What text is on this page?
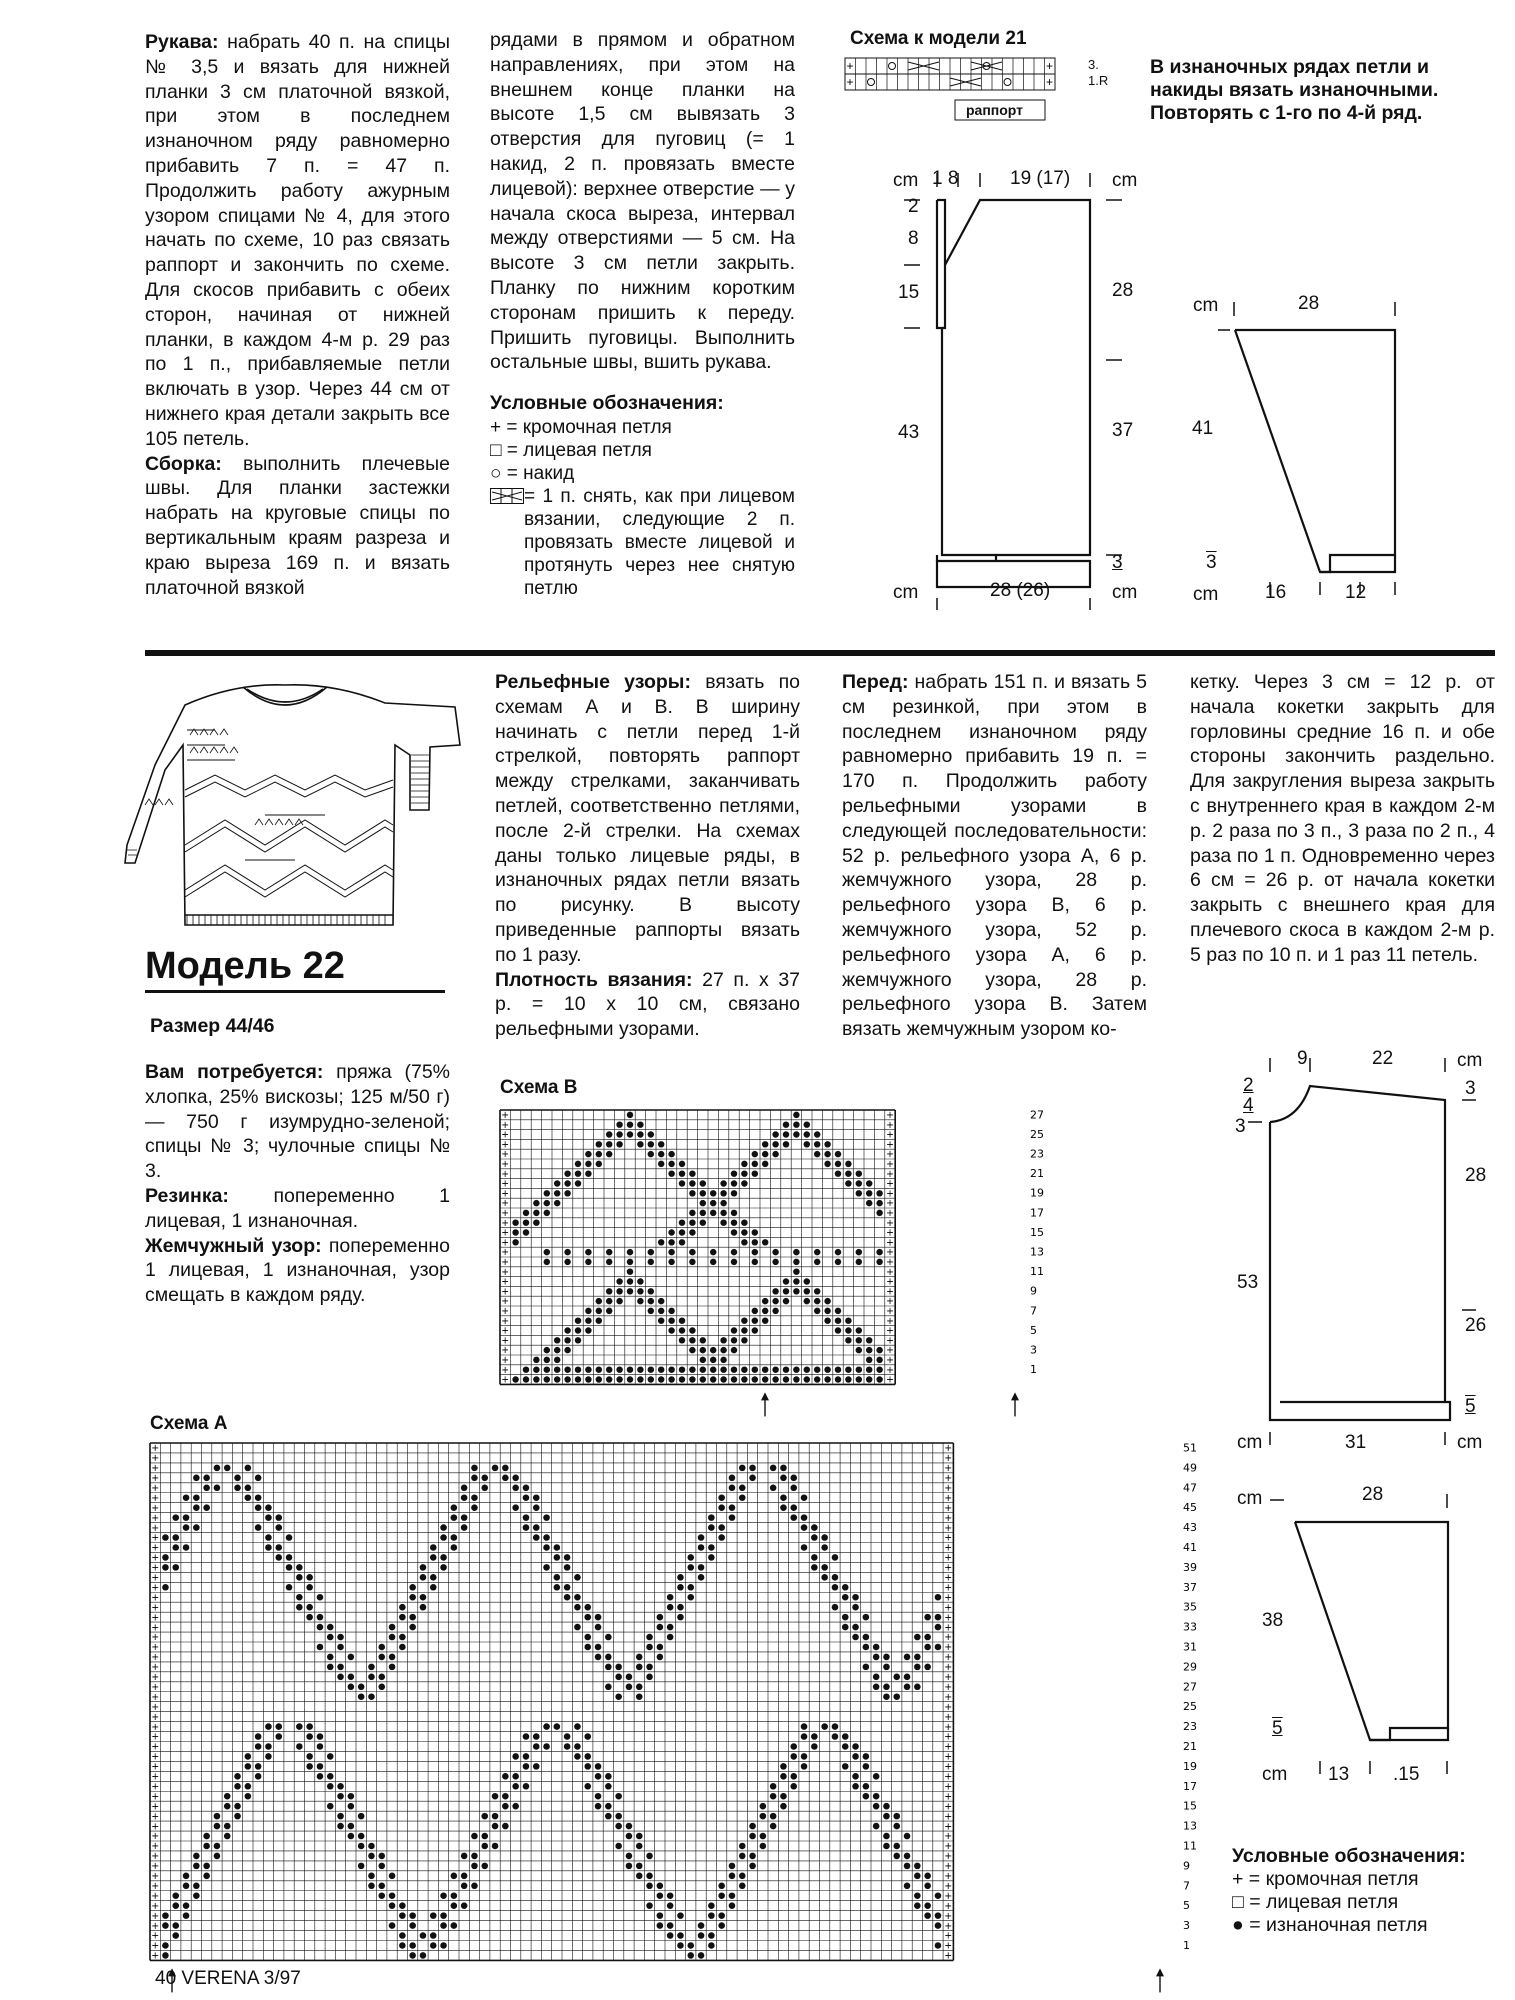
Рукава: набрать 40 п. на спицы № 3,5 и вязать для нижней планки 3 см платочной вязкой, при этом в последнем изнаночном ряду равномерно прибавить 7 п. = 47 п. Продолжить работу ажурным узором спицами № 4, для этого начать по схеме, 10 раз связать раппорт и закончить по схеме. Для скосов прибавить с обеих сторон, начиная от нижней планки, в каждом 4-м р. 29 раз по 1 п., прибавляемые петли включать в узор. Через 44 см от нижнего края детали закрыть все 105 петель.

Сборка: выполнить плечевые швы. Для планки застежки набрать на круговые спицы по вертикальным краям разреза и краю выреза 169 п. и вязать платочной вязкой

рядами в прямом и обратном направлениях, при этом на внешнем конце планки на высоте 1,5 см вывязать 3 отверстия для пуговиц (= 1 накид, 2 п. провязать вместе лицевой): верхнее отверстие — у начала скоса выреза, интервал между отверстиями — 5 см. На высоте 3 см петли закрыть. Планку по нижним коротким сторонам пришить к переду. Пришить пуговицы. Выполнить остальные швы, вшить рукава.

Условные обозначения:
+ = кромочная петля
□ = лицевая петля
○ = накид
= 1 п. снять, как при лицевом вязании, следующие 2 п. провязать вместе лицевой и протянуть через нее снятую петлю
Схема к модели 21
+
+
+
+
раппорт
3.
1.R
В изнаночных рядах петли и
накиды вязать изнаночными.
Повторять с 1-го по 4-й ряд.
cm 1 8	19 (17) cm
2
8
15
43
28
37
3
cm	28 (26)	cm
cm	28
41
3
cm 16	12
Модель 22
Размер 44/46

Вам потребуется: пряжа (75% хлопка, 25% вискозы; 125 м/50 г) — 750 г изумрудно-зеленой; спицы № 3; чулочные спицы № 3.

Резинка: попеременно 1 лицевая, 1 изнаночная.

Жемчужный узор: попеременно 1 лицевая, 1 изнаночная, узор смещать в каждом ряду.

Рельефные узоры: вязать по схемам А и В. В ширину начинать с петли перед 1-й стрелкой, повторять раппорт между стрелками, заканчивать петлей, соответственно петлями, после 2-й стрелки. На схемах даны только лицевые ряды, в изнаночных рядах петли вязать по рисунку. В высоту приведенные раппорты вязать по 1 разу.

Плотность вязания: 27 п. х 37 р. = 10 х 10 см, связано рельефными узорами.

Перед: набрать 151 п. и вязать 5 см резинкой, при этом в последнем изнаночном ряду равномерно прибавить 19 п. = 170 п. Продолжить работу рельефными узорами в следующей последовательности: 52 р. рельефного узора А, 6 р. жемчужного узора, 28 р. рельефного узора В, 6 р. жемчужного узора, 52 р. рельефного узора А, 6 р. жемчужного узора, 28 р. рельефного узора В. Затем вязать жемчужным узором ко-

кетку. Через 3 см = 12 р. от начала кокетки закрыть для горловины средние 16 п. и обе стороны закончить раздельно. Для закругления выреза закрыть с внутреннего края в каждом 2-м р. 2 раза по 3 п., 3 раза по 2 п., 4 раза по 1 п. Одновременно через 6 см = 26 р. от начала кокетки закрыть с внешнего края для плечевого скоса в каждом 2-м р. 5 раз по 10 п. и 1 раз 11 петель.

Схема В
+	+
+	+
+	+
+	+
+	+
+	+
+	+
+	+
+	+
+	+
+	+
+	+
+	+
+	+
+	+
+	+
+	+
+	+
+	+
+	+
+	+
+	+
+	+
+	+
+	+
+	+
+	+
+	+
27
25
23
21
19
17
15
13
11
9
7
5
3
1
Схема А
+	+
+	+
+	+
+	+
+	+
+	+
+	+
+	+
+	+
+	+
+	+
+	+
+	+
+	+
+	+
+	+
+	+
+	+
+	+
+	+
+	+
+	+
+	+
+	+
+	+
+	+
+	+
+	+
+	+
+	+
+	+
+	+
+	+
+	+
+	+
+	+
+	+
+	+
+	+
+	+
+	+
+	+
+	+
+	+
+	+
+	+
+	+
+	+
+	+
+	+
+	+
+	+
51
49
47
45
43
41
39
37
35
33
31
29
27
25
23
21
19
17
15
13
11
9
7
5
3
1
9	22	cm
2
4
3
3
28
53
26
5
cm	31	cm
cm	28
38
5
cm 13 .15
Условные обозначения:
+ = кромочная петля
□ = лицевая петля
● = изнаночная петля
40 VERENA 3/97
